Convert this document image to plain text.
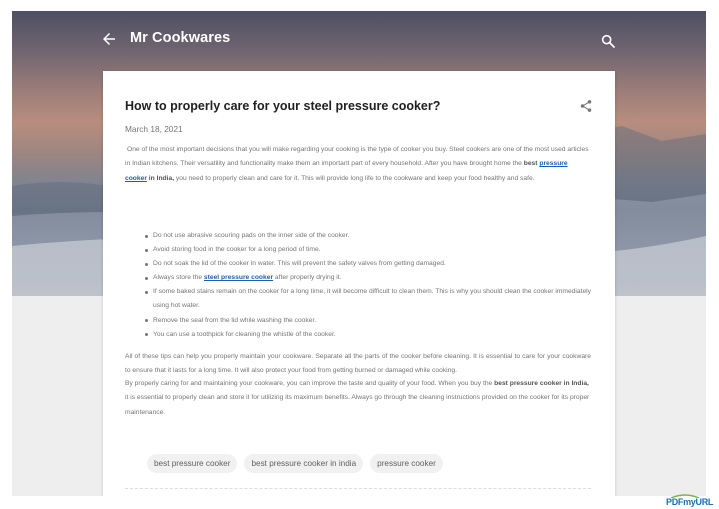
Mr Cookwares
How to properly care for your steel pressure cooker?
March 18, 2021

One of the most important decisions that you will make regarding your cooking is the type of cooker you buy. Steel cookers are one of the most used articles in Indian kitchens. Their versatility and functionality make them an important part of every household. After you have brought home the best pressure cooker in India, you need to properly clean and care for it. This will provide long life to the cookware and keep your food healthy and safe.

Do not use abrasive scouring pads on the inner side of the cooker.
Avoid storing food in the cooker for a long period of time.
Do not soak the lid of the cooker in water. This will prevent the safety valves from getting damaged.
Always store the steel pressure cooker after properly drying it.
If some baked stains remain on the cooker for a long time, it will become difficult to clean them. This is why you should clean the cooker immediately using hot water.
Remove the seal from the lid while washing the cooker.
You can use a toothpick for cleaning the whistle of the cooker.

All of these tips can help you properly maintain your cookware. Separate all the parts of the cooker before cleaning. It is essential to care for your cookware to ensure that it lasts for a long time. It will also protect your food from getting burned or damaged while cooking.

By properly caring for and maintaining your cookware, you can improve the taste and quality of your food. When you buy the best pressure cooker in India, it is essential to properly clean and store it for utilizing its maximum benefits. Always go through the cleaning instructions provided on the cooker for its proper maintenance.

best pressure cooker	best pressure cooker in india	pressure cooker
PDFmyURL
